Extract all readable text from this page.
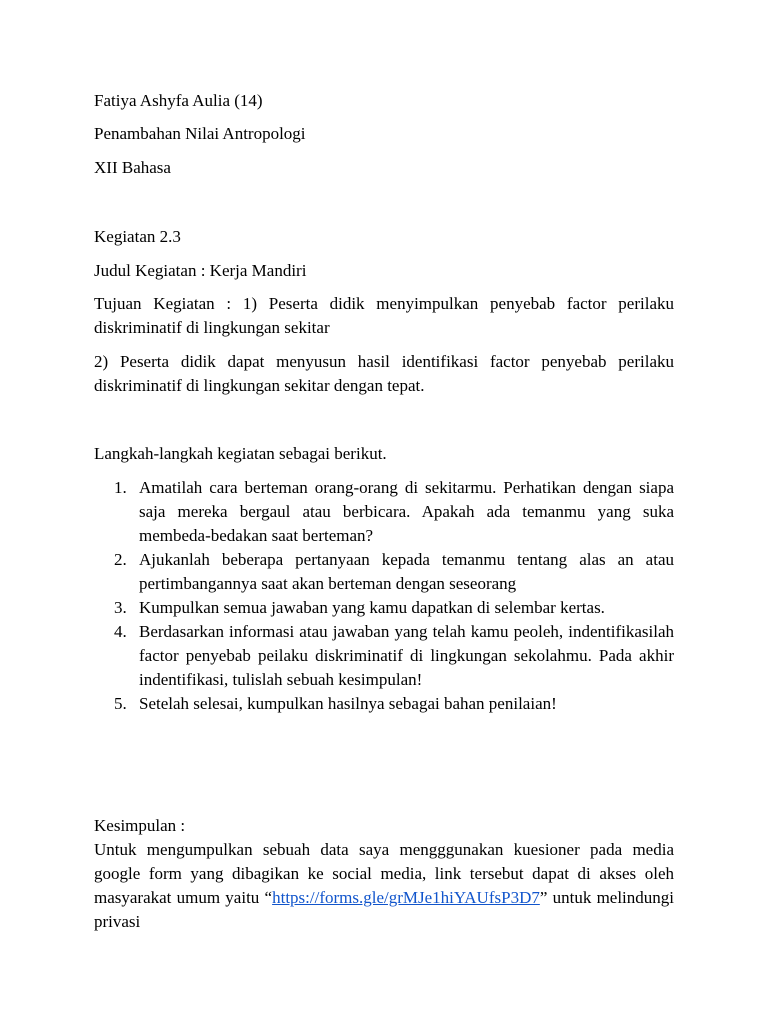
Fatiya Ashyfa Aulia (14)
Penambahan Nilai Antropologi
XII Bahasa
Kegiatan 2.3
Judul Kegiatan : Kerja Mandiri
Tujuan Kegiatan : 1) Peserta didik menyimpulkan penyebab factor perilaku diskriminatif di lingkungan sekitar
2) Peserta didik dapat menyusun hasil identifikasi factor penyebab perilaku diskriminatif di lingkungan sekitar dengan tepat.
Langkah-langkah kegiatan sebagai berikut.
1. Amatilah cara berteman orang-orang di sekitarmu. Perhatikan dengan siapa saja mereka bergaul atau berbicara. Apakah ada temanmu yang suka membeda-bedakan saat berteman?
2. Ajukanlah beberapa pertanyaan kepada temanmu tentang alas an atau pertimbangannya saat akan berteman dengan seseorang
3. Kumpulkan semua jawaban yang kamu dapatkan di selembar kertas.
4. Berdasarkan informasi atau jawaban yang telah kamu peoleh, indentifikasilah factor penyebab peilaku diskriminatif di lingkungan sekolahmu. Pada akhir indentifikasi, tulislah sebuah kesimpulan!
5. Setelah selesai, kumpulkan hasilnya sebagai bahan penilaian!
Kesimpulan :
Untuk mengumpulkan sebuah data saya mengggunakan kuesioner pada media google form yang dibagikan ke social media, link tersebut dapat di akses oleh masyarakat umum yaitu “https://forms.gle/grMJe1hiYAUfsP3D7” untuk melindungi privasi
